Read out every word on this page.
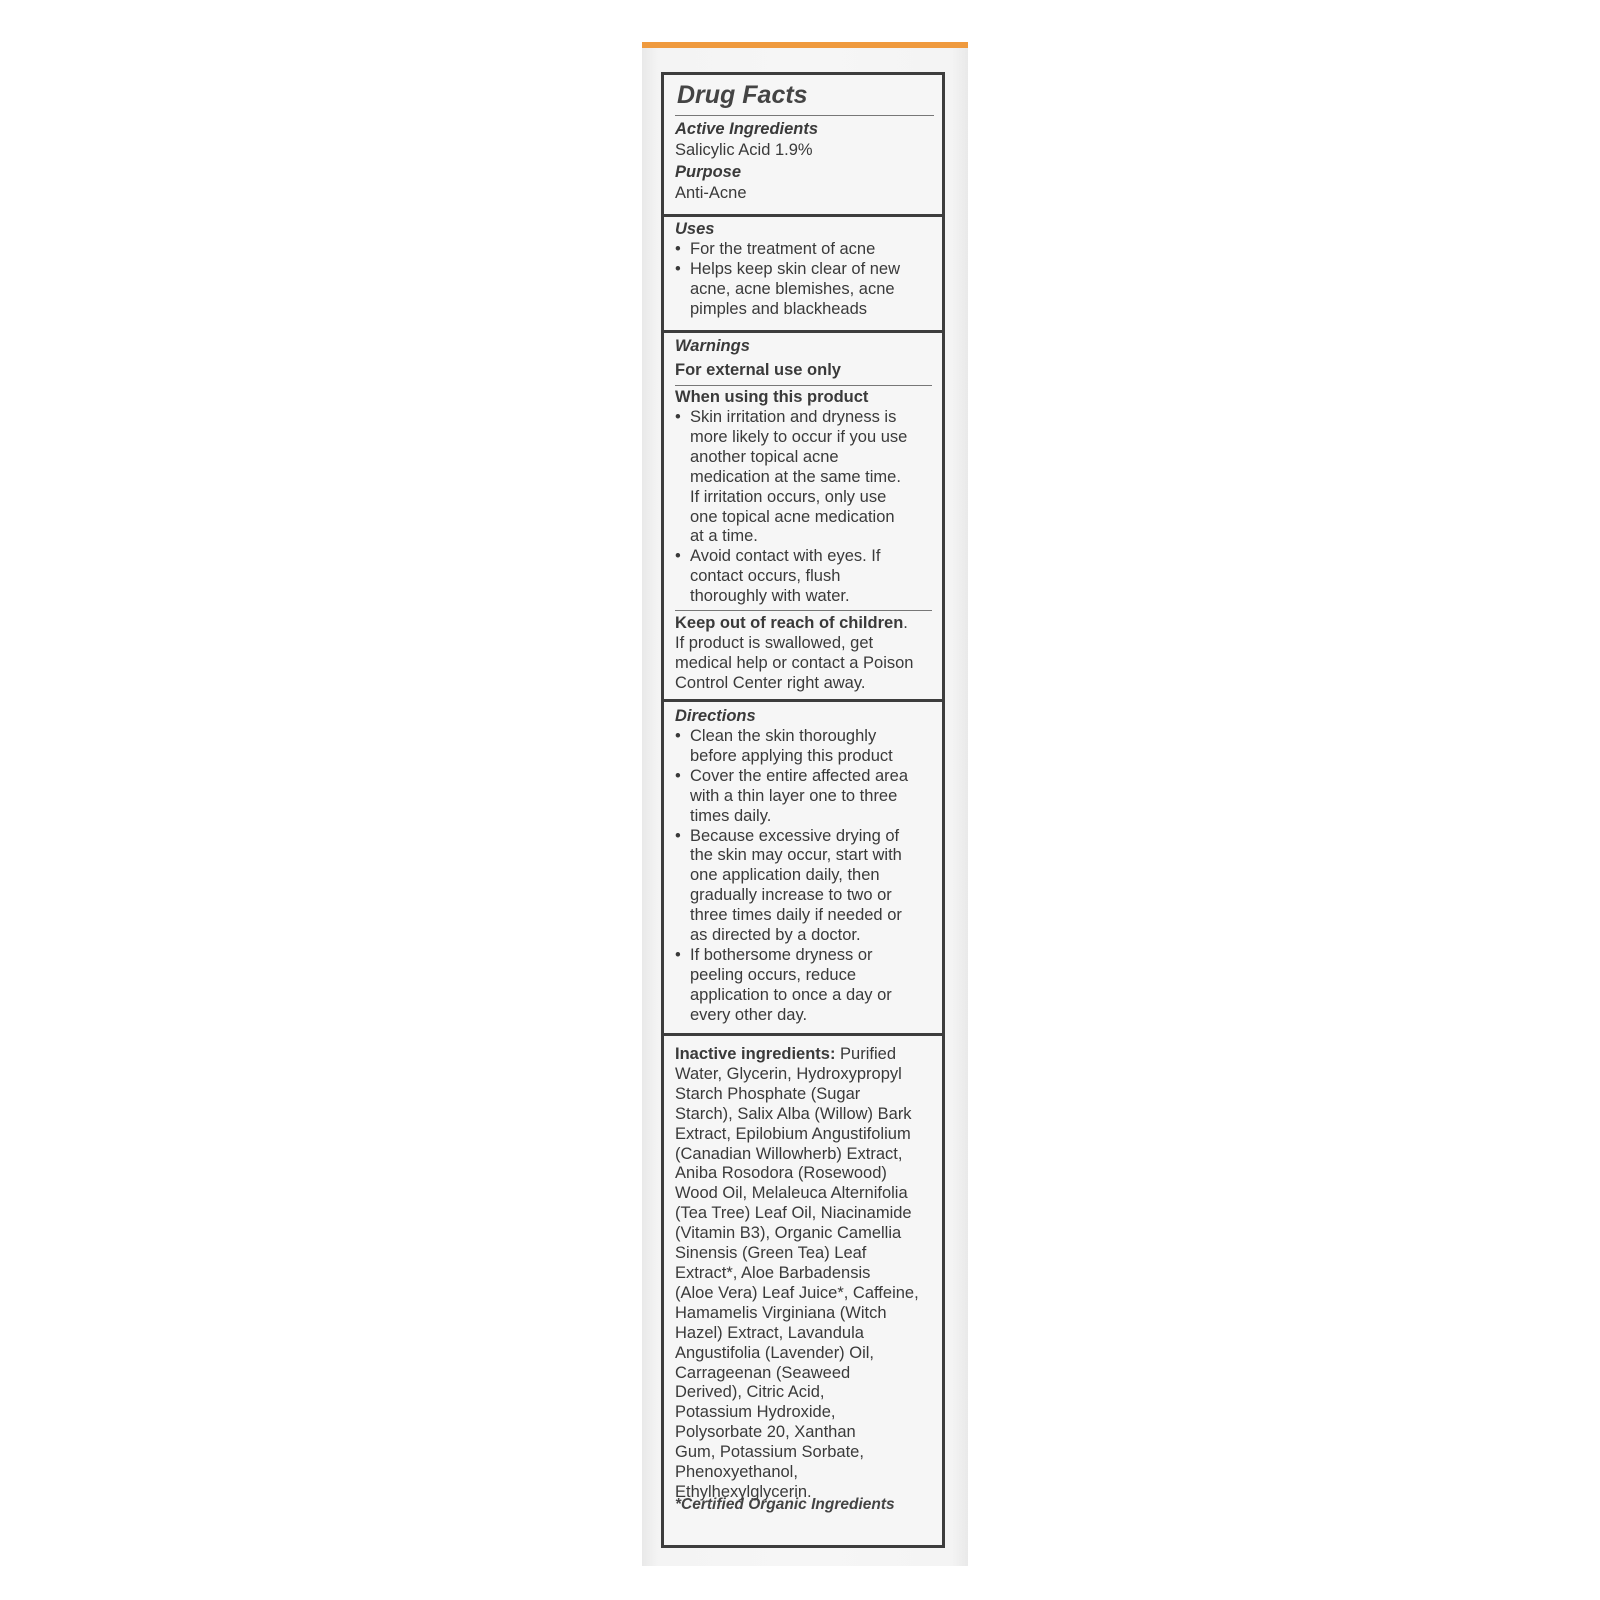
Drug Facts
Active Ingredients
Salicylic Acid 1.9%
Purpose
Anti-Acne
Uses
• For the treatment of acne
• Helps keep skin clear of new
acne, acne blemishes, acne
pimples and blackheads
Warnings
For external use only
When using this product
• Skin irritation and dryness is
more likely to occur if you use
another topical acne
medication at the same time.
If irritation occurs, only use
one topical acne medication
at a time.
• Avoid contact with eyes. If
contact occurs, flush
thoroughly with water.
Keep out of reach of children.
If product is swallowed, get
medical help or contact a Poison
Control Center right away.
Directions
• Clean the skin thoroughly
before applying this product
• Cover the entire affected area
with a thin layer one to three
times daily.
• Because excessive drying of
the skin may occur, start with
one application daily, then
gradually increase to two or
three times daily if needed or
as directed by a doctor.
• If bothersome dryness or
peeling occurs, reduce
application to once a day or
every other day.
Inactive ingredients: Purified
Water, Glycerin, Hydroxypropyl
Starch Phosphate (Sugar
Starch), Salix Alba (Willow) Bark
Extract, Epilobium Angustifolium
(Canadian Willowherb) Extract,
Aniba Rosodora (Rosewood)
Wood Oil, Melaleuca Alternifolia
(Tea Tree) Leaf Oil, Niacinamide
(Vitamin B3), Organic Camellia
Sinensis (Green Tea) Leaf
Extract*, Aloe Barbadensis
(Aloe Vera) Leaf Juice*, Caffeine,
Hamamelis Virginiana (Witch
Hazel) Extract, Lavandula
Angustifolia (Lavender) Oil,
Carrageenan (Seaweed
Derived), Citric Acid,
Potassium Hydroxide,
Polysorbate 20, Xanthan
Gum, Potassium Sorbate,
Phenoxyethanol,
Ethylhexylglycerin.
*Certified Organic Ingredients
